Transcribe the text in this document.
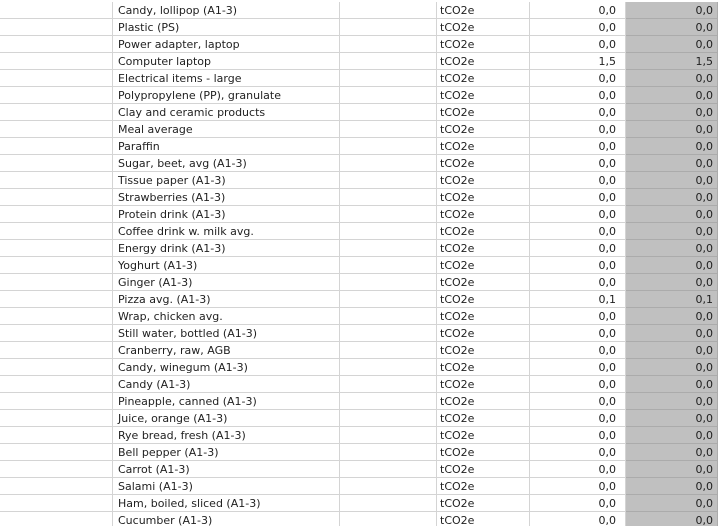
Candy, lollipop (A1-3)	tCO2e	0,0	0,0
Plastic (PS)	tCO2e	0,0	0,0
Power adapter, laptop	tCO2e	0,0	0,0
Computer laptop	tCO2e	1,5	1,5
Electrical items - large	tCO2e	0,0	0,0
Polypropylene (PP), granulate	tCO2e	0,0	0,0
Clay and ceramic products	tCO2e	0,0	0,0
Meal average	tCO2e	0,0	0,0
Paraffin	tCO2e	0,0	0,0
Sugar, beet, avg (A1-3)	tCO2e	0,0	0,0
Tissue paper (A1-3)	tCO2e	0,0	0,0
Strawberries (A1-3)	tCO2e	0,0	0,0
Protein drink (A1-3)	tCO2e	0,0	0,0
Coffee drink w. milk avg.	tCO2e	0,0	0,0
Energy drink (A1-3)	tCO2e	0,0	0,0
Yoghurt (A1-3)	tCO2e	0,0	0,0
Ginger (A1-3)	tCO2e	0,0	0,0
Pizza avg. (A1-3)	tCO2e	0,1	0,1
Wrap, chicken avg.	tCO2e	0,0	0,0
Still water, bottled (A1-3)	tCO2e	0,0	0,0
Cranberry, raw, AGB	tCO2e	0,0	0,0
Candy, winegum (A1-3)	tCO2e	0,0	0,0
Candy (A1-3)	tCO2e	0,0	0,0
Pineapple, canned (A1-3)	tCO2e	0,0	0,0
Juice, orange (A1-3)	tCO2e	0,0	0,0
Rye bread, fresh (A1-3)	tCO2e	0,0	0,0
Bell pepper (A1-3)	tCO2e	0,0	0,0
Carrot (A1-3)	tCO2e	0,0	0,0
Salami (A1-3)	tCO2e	0,0	0,0
Ham, boiled, sliced (A1-3)	tCO2e	0,0	0,0
Cucumber (A1-3)	tCO2e	0,0	0,0
